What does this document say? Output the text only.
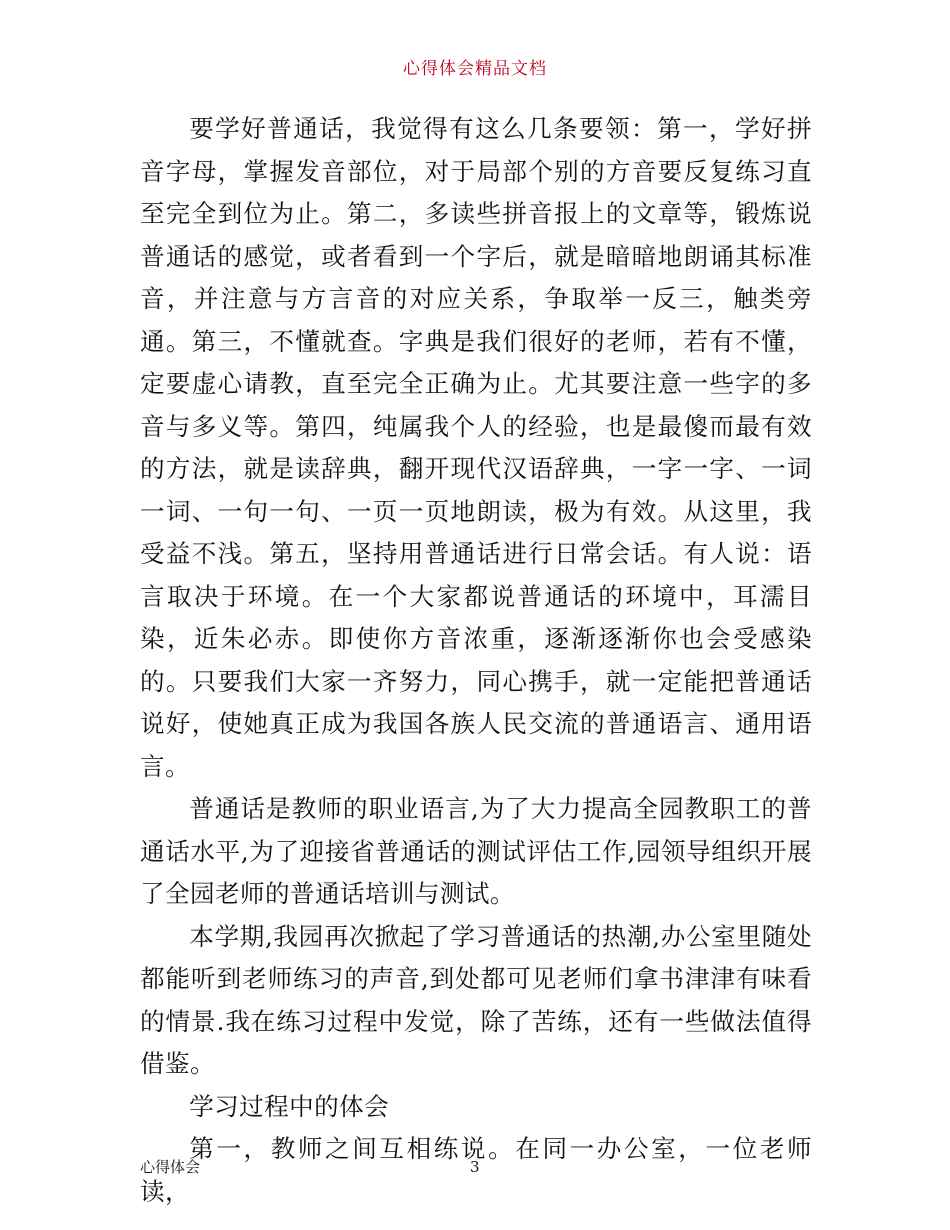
心得体会精品文档

要学好普通话，我觉得有这么几条要领：第一，学好拼音字母，掌握发音部位，对于局部个别的方音要反复练习直至完全到位为止。第二，多读些拼音报上的文章等，锻炼说普通话的感觉，或者看到一个字后，就是暗暗地朗诵其标准音，并注意与方言音的对应关系，争取举一反三，触类旁通。第三，不懂就查。字典是我们很好的老师，若有不懂，定要虚心请教，直至完全正确为止。尤其要注意一些字的多音与多义等。第四，纯属我个人的经验，也是最傻而最有效的方法，就是读辞典，翻开现代汉语辞典，一字一字、一词一词、一句一句、一页一页地朗读，极为有效。从这里，我受益不浅。第五，坚持用普通话进行日常会话。有人说：语言取决于环境。在一个大家都说普通话的环境中，耳濡目染，近朱必赤。即使你方音浓重，逐渐逐渐你也会受感染的。只要我们大家一齐努力，同心携手，就一定能把普通话说好，使她真正成为我国各族人民交流的普通语言、通用语言。

普通话是教师的职业语言,为了大力提高全园教职工的普通话水平,为了迎接省普通话的测试评估工作,园领导组织开展了全园老师的普通话培训与测试。

本学期,我园再次掀起了学习普通话的热潮,办公室里随处都能听到老师练习的声音,到处都可见老师们拿书津津有味看的情景.我在练习过程中发觉，除了苦练，还有一些做法值得借鉴。

学习过程中的体会

第一，教师之间互相练说。在同一办公室，一位老师读，

心得体会	3
